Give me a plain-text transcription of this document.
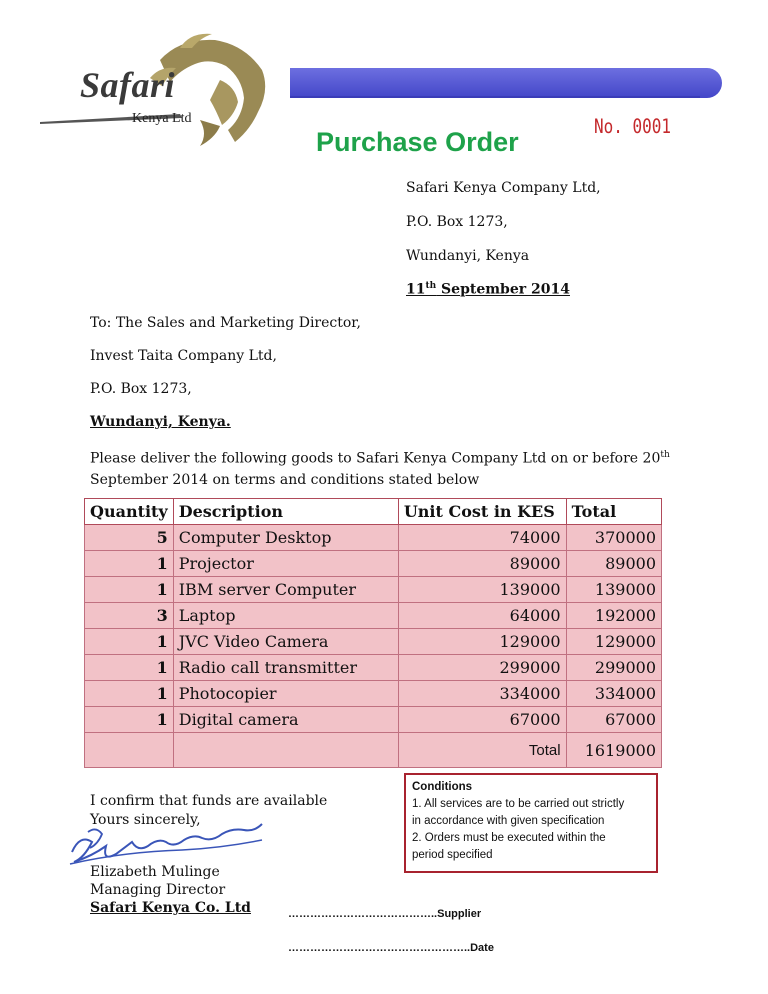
Safari
Kenya Ltd
Purchase Order
No. 0001
Safari Kenya Company Ltd,
P.O. Box 1273,
Wundanyi, Kenya
11th September 2014
To: The Sales and Marketing Director,
Invest Taita Company Ltd,
P.O. Box 1273,
Wundanyi, Kenya.
Please deliver the following goods to Safari Kenya Company Ltd on or before 20th
September 2014 on terms and conditions stated below
Quantity	Description	Unit Cost in KES	Total
5	Computer Desktop	74000	370000
1	Projector	89000	89000
1	IBM server Computer	139000	139000
3	Laptop	64000	192000
1	JVC Video Camera	129000	129000
1	Radio call transmitter	299000	299000
1	Photocopier	334000	334000
1	Digital camera	67000	67000
		Total	1619000
Conditions
1. All services are to be carried out strictly
in accordance with given specification
2. Orders must be executed within the
period specified
I confirm that funds are available
Yours sincerely,
Elizabeth Mulinge
Managing Director
Safari Kenya Co. Ltd	…………………………………..Supplier
…………………………………………..Date
